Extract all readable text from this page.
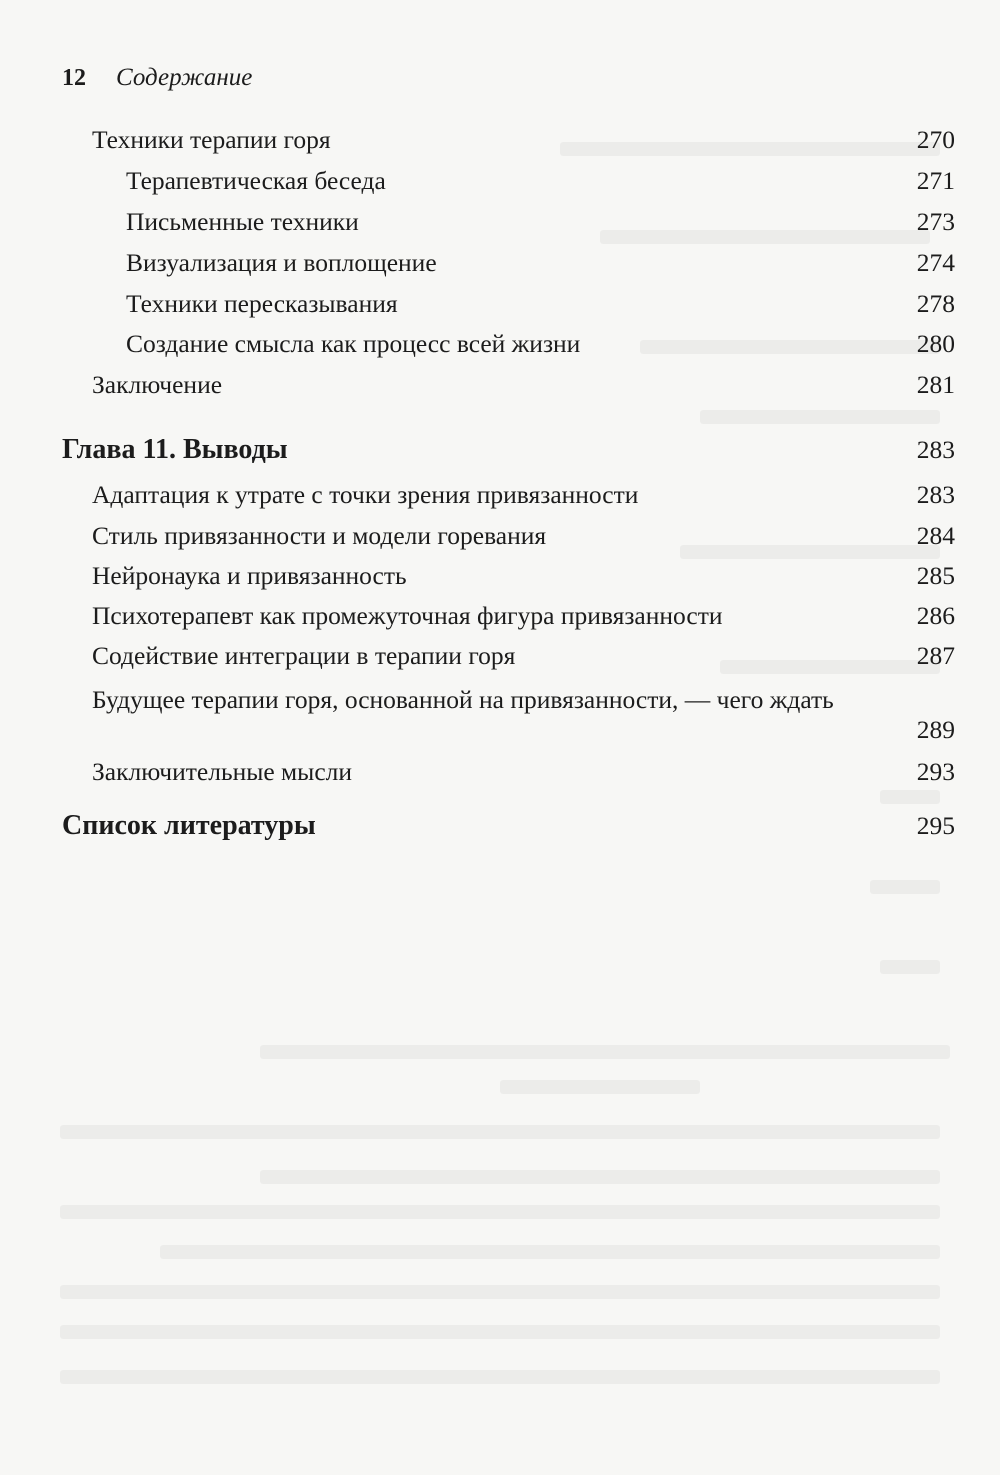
12 Содержание
Техники терапии горя	270
Терапевтическая беседа	271
Письменные техники	273
Визуализация и воплощение	274
Техники пересказывания	278
Создание смысла как процесс всей жизни	280
Заключение	281
Глава 11. Выводы	283
Адаптация к утрате с точки зрения привязанности	283
Стиль привязанности и модели горевания	284
Нейронаука и привязанность	285
Психотерапевт как промежуточная фигура привязанности	286
Содействие интеграции в терапии горя	287
Будущее терапии горя, основанной на привязанности, — чего ждать
289
Заключительные мысли	293
Список литературы	295
